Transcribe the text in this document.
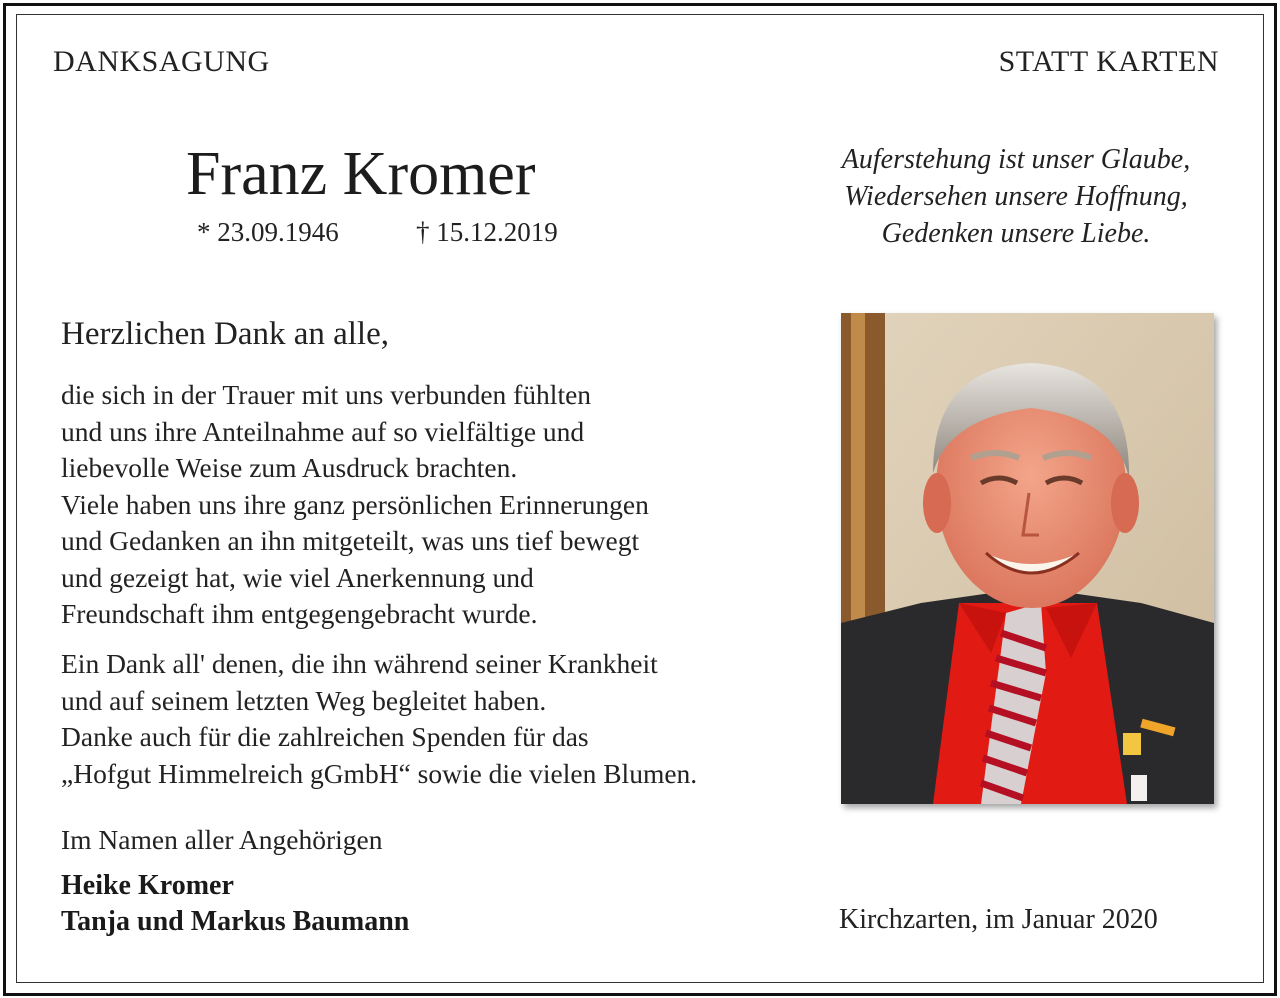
DANKSAGUNG	STATT KARTEN
Franz Kromer
* 23.09.1946	† 15.12.2019
Auferstehung ist unser Glaube,
Wiedersehen unsere Hoffnung,
Gedenken unsere Liebe.
Herzlichen Dank an alle,
die sich in der Trauer mit uns verbunden fühlten
und uns ihre Anteilnahme auf so vielfältige und
liebevolle Weise zum Ausdruck brachten.
Viele haben uns ihre ganz persönlichen Erinnerungen
und Gedanken an ihn mitgeteilt, was uns tief bewegt
und gezeigt hat, wie viel Anerkennung und
Freundschaft ihm entgegengebracht wurde.
Ein Dank all' denen, die ihn während seiner Krankheit
und auf seinem letzten Weg begleitet haben.
Danke auch für die zahlreichen Spenden für das
„Hofgut Himmelreich gGmbH“ sowie die vielen Blumen.
Im Namen aller Angehörigen
Heike Kromer
Tanja und Markus Baumann	Kirchzarten, im Januar 2020
